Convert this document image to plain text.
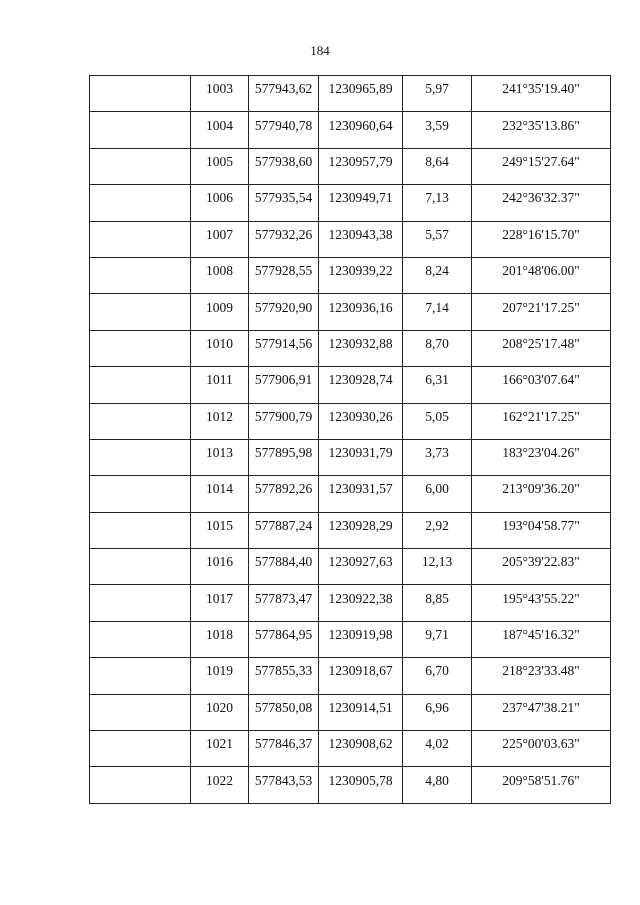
184
	1003	577943,62	1230965,89	5,97	241°35'19.40"
	1004	577940,78	1230960,64	3,59	232°35'13.86"
	1005	577938,60	1230957,79	8,64	249°15'27.64"
	1006	577935,54	1230949,71	7,13	242°36'32.37"
	1007	577932,26	1230943,38	5,57	228°16'15.70"
	1008	577928,55	1230939,22	8,24	201°48'06.00"
	1009	577920,90	1230936,16	7,14	207°21'17.25"
	1010	577914,56	1230932,88	8,70	208°25'17.48"
	1011	577906,91	1230928,74	6,31	166°03'07.64"
	1012	577900,79	1230930,26	5,05	162°21'17.25"
	1013	577895,98	1230931,79	3,73	183°23'04.26"
	1014	577892,26	1230931,57	6,00	213°09'36.20"
	1015	577887,24	1230928,29	2,92	193°04'58.77"
	1016	577884,40	1230927,63	12,13	205°39'22.83"
	1017	577873,47	1230922,38	8,85	195°43'55.22"
	1018	577864,95	1230919,98	9,71	187°45'16.32"
	1019	577855,33	1230918,67	6,70	218°23'33.48"
	1020	577850,08	1230914,51	6,96	237°47'38.21"
	1021	577846,37	1230908,62	4,02	225°00'03.63"
	1022	577843,53	1230905,78	4,80	209°58'51.76"
